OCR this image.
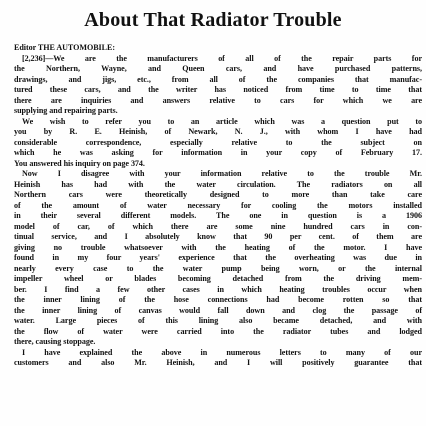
About That Radiator Trouble
Editor THE AUTOMOBILE:
[2,236]—We are the manufacturers of all of the repair parts for
the Northern, Wayne, and Queen cars, and have purchased patterns,
drawings, and jigs, etc., from all of the companies that manufac-
tured these cars, and the writer has noticed from time to time that
there are inquiries and answers relative to cars for which we are
supplying and repairing parts.
We wish to refer you to an article which was a question put to
you by R. E. Heinish, of Newark, N. J., with whom I have had
considerable correspondence, especially relative to the subject on
which he was asking for information in your copy of February 17.
You answered his inquiry on page 374.
Now I disagree with your information relative to the trouble Mr.
Heinish has had with the water circulation. The radiators on all
Northern cars were theoretically designed to more than take care
of the amount of water necessary for cooling the motors installed
in their several different models. The one in question is a 1906
model of car, of which there are some nine hundred cars in con-
tinual service, and I absolutely know that 90 per cent. of them are
giving no trouble whatsoever with the heating of the motor. I have
found in my four years' experience that the overheating was due in
nearly every case to the water pump being worn, or the internal
impeller wheel or blades becoming detached from the driving mem-
ber. I find a few other cases in which heating troubles occur when
the inner lining of the hose connections had become rotten so that
the inner lining of canvas would fall down and clog the passage of
water. Large pieces of this lining also became detached, and with
the flow of water were carried into the radiator tubes and lodged
there, causing stoppage.
I have explained the above in numerous letters to many of our
customers and also Mr. Heinish, and I will positively guarantee that
